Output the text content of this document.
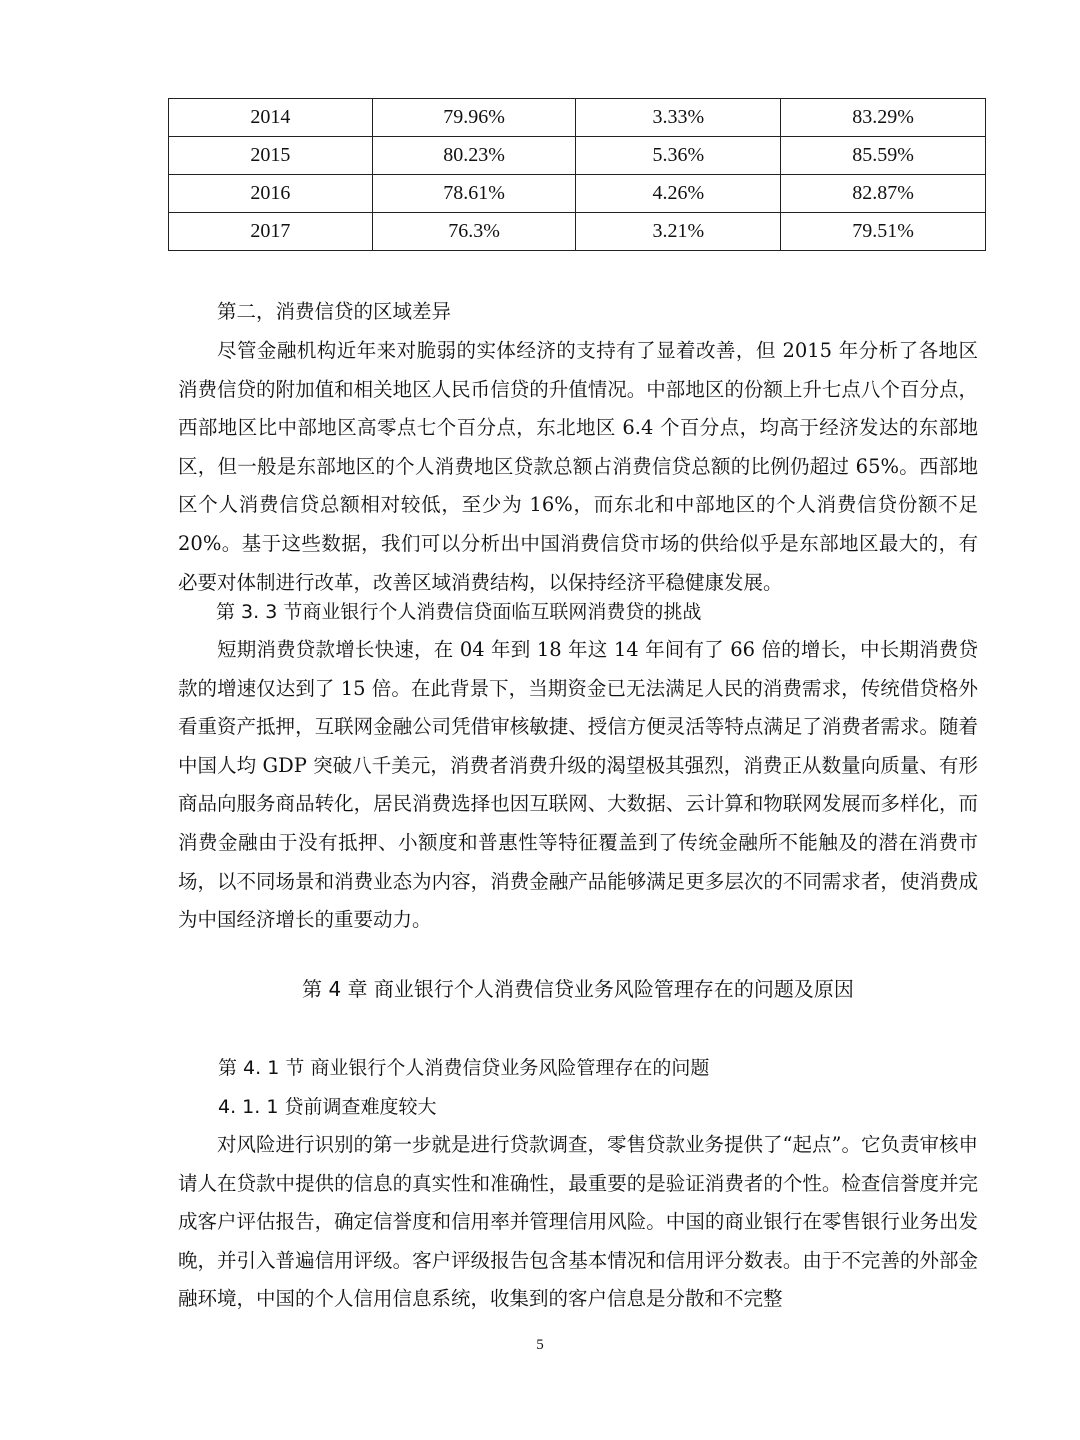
2014	79.96%	3.33%	83.29%
2015	80.23%	5.36%	85.59%
2016	78.61%	4.26%	82.87%
2017	76.3%	3.21%	79.51%

第二，消费信贷的区域差异

尽管金融机构近年来对脆弱的实体经济的支持有了显着改善，但 2015 年分析了各地区消费信贷的附加值和相关地区人民币信贷的升值情况。中部地区的份额上升七点八个百分点，西部地区比中部地区高零点七个百分点，东北地区 6.4 个百分点，均高于经济发达的东部地区，但一般是东部地区的个人消费地区贷款总额占消费信贷总额的比例仍超过 65%。西部地区个人消费信贷总额相对较低，至少为 16%，而东北和中部地区的个人消费信贷份额不足 20%。基于这些数据，我们可以分析出中国消费信贷市场的供给似乎是东部地区最大的，有必要对体制进行改革，改善区域消费结构，以保持经济平稳健康发展。

第 3. 3 节商业银行个人消费信贷面临互联网消费贷的挑战

短期消费贷款增长快速，在 04 年到 18 年这 14 年间有了 66 倍的增长，中长期消费贷款的增速仅达到了 15 倍。在此背景下，当期资金已无法满足人民的消费需求，传统借贷格外看重资产抵押，互联网金融公司凭借审核敏捷、授信方便灵活等特点满足了消费者需求。随着中国人均 GDP 突破八千美元，消费者消费升级的渴望极其强烈，消费正从数量向质量、有形商品向服务商品转化，居民消费选择也因互联网、大数据、云计算和物联网发展而多样化，而消费金融由于没有抵押、小额度和普惠性等特征覆盖到了传统金融所不能触及的潜在消费市场，以不同场景和消费业态为内容，消费金融产品能够满足更多层次的不同需求者，使消费成为中国经济增长的重要动力。

第 4 章 商业银行个人消费信贷业务风险管理存在的问题及原因

第 4. 1 节 商业银行个人消费信贷业务风险管理存在的问题

4. 1. 1 贷前调查难度较大

对风险进行识别的第一步就是进行贷款调查，零售贷款业务提供了“起点”。它负责审核申请人在贷款中提供的信息的真实性和准确性，最重要的是验证消费者的个性。检查信誉度并完成客户评估报告，确定信誉度和信用率并管理信用风险。中国的商业银行在零售银行业务出发晚，并引入普遍信用评级。客户评级报告包含基本情况和信用评分数表。由于不完善的外部金融环境，中国的个人信用信息系统，收集到的客户信息是分散和不完整

5
